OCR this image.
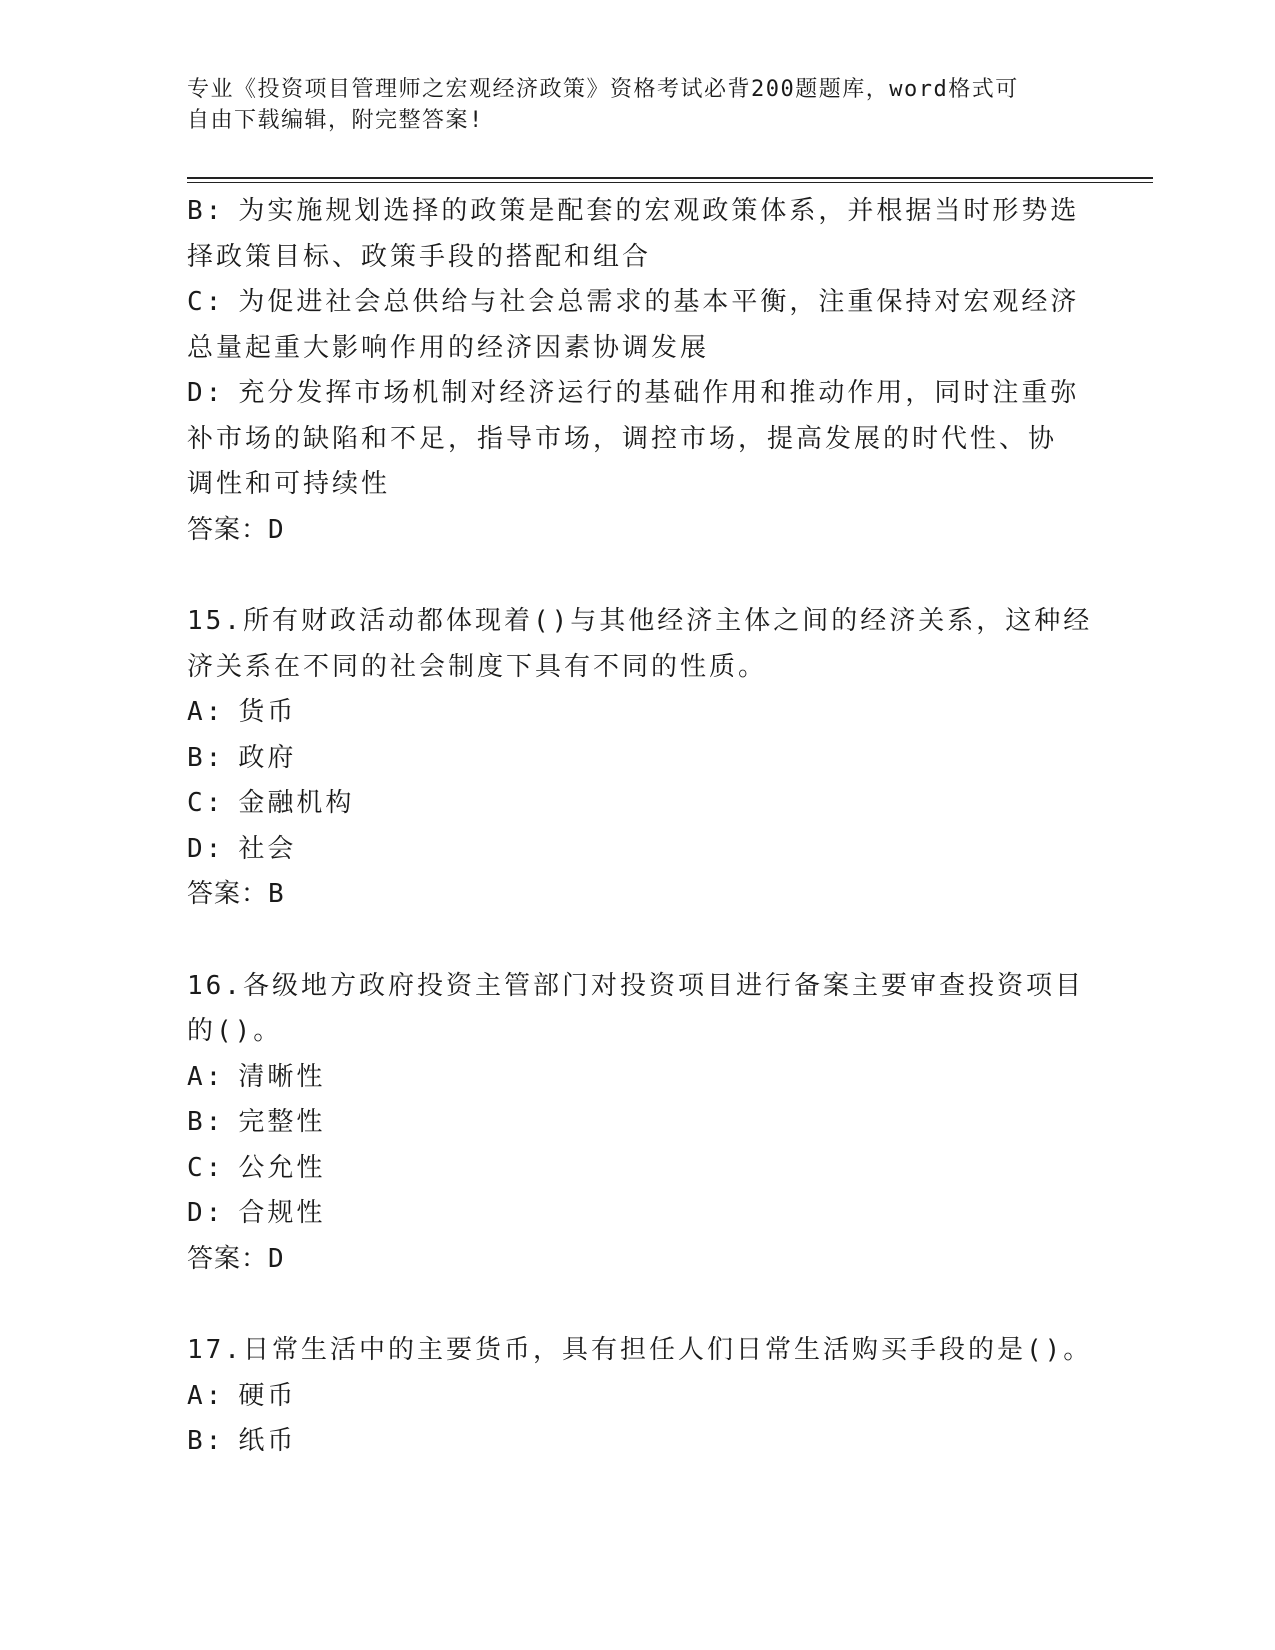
专业《投资项目管理师之宏观经济政策》资格考试必背200题题库，word格式可
自由下载编辑，附完整答案!
B: 为实施规划选择的政策是配套的宏观政策体系，并根据当时形势选
择政策目标、政策手段的搭配和组合
C: 为促进社会总供给与社会总需求的基本平衡，注重保持对宏观经济
总量起重大影响作用的经济因素协调发展
D: 充分发挥市场机制对经济运行的基础作用和推动作用，同时注重弥
补市场的缺陷和不足，指导市场，调控市场，提高发展的时代性、协
调性和可持续性
答案：D
15.所有财政活动都体现着()与其他经济主体之间的经济关系，这种经
济关系在不同的社会制度下具有不同的性质。
A: 货币
B: 政府
C: 金融机构
D: 社会
答案：B
16.各级地方政府投资主管部门对投资项目进行备案主要审查投资项目
的()。
A: 清晰性
B: 完整性
C: 公允性
D: 合规性
答案：D
17.日常生活中的主要货币，具有担任人们日常生活购买手段的是()。
A: 硬币
B: 纸币
